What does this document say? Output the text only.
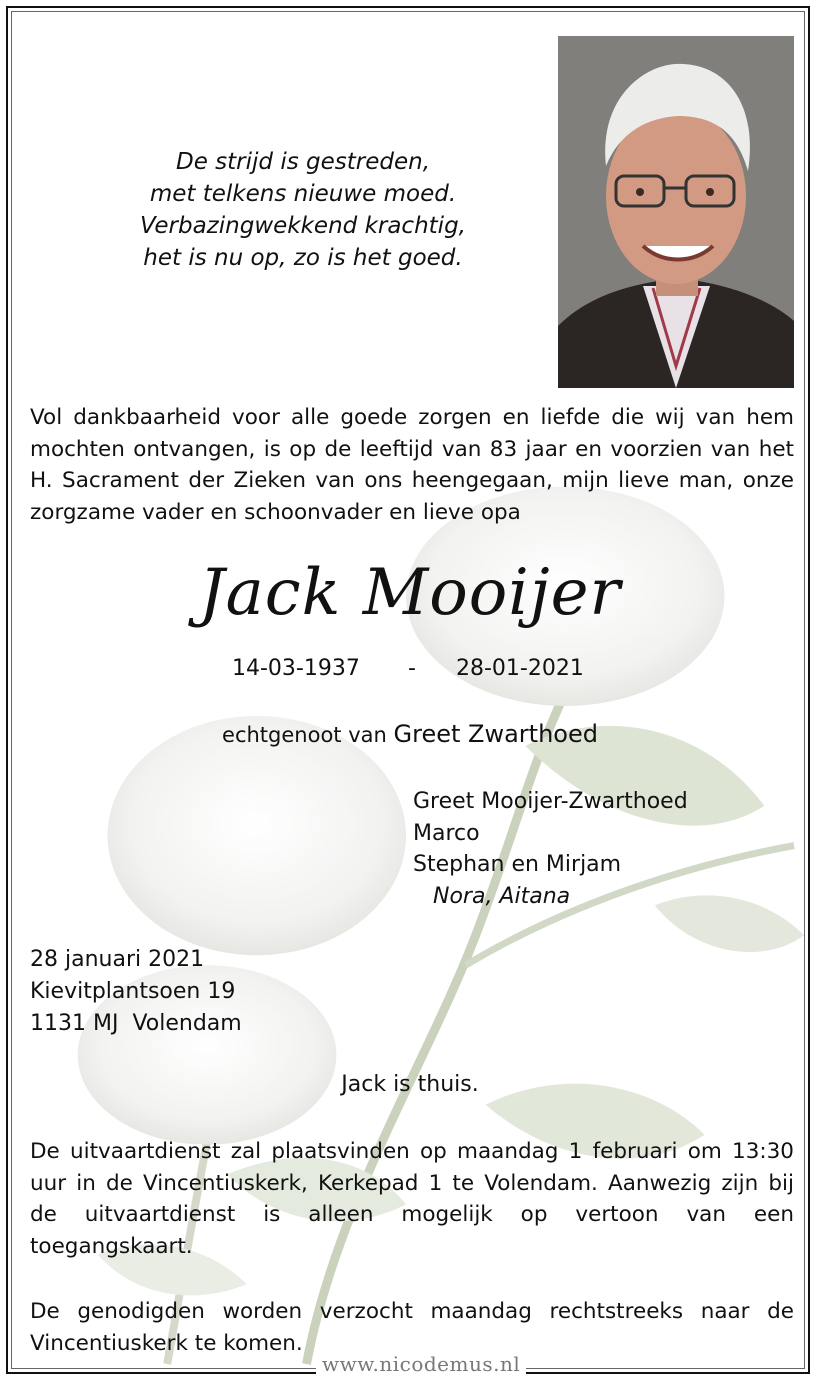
De strijd is gestreden,
met telkens nieuwe moed.
Verbazingwekkend krachtig,
het is nu op, zo is het goed.
Vol dankbaarheid voor alle goede zorgen en liefde die wij van hem mochten ontvangen, is op de leeftijd van 83 jaar en voorzien van het H. Sacrament der Zieken van ons heengegaan, mijn lieve man, onze zorgzame vader en schoonvader en lieve opa
Jack Mooijer
14-03-1937 - 28-01-2021
echtgenoot van Greet Zwarthoed
Greet Mooijer-Zwarthoed
Marco
Stephan en Mirjam
Nora, Aitana
28 januari 2021
Kievitplantsoen 19
1131 MJ  Volendam
Jack is thuis.
De uitvaartdienst zal plaatsvinden op maandag 1 februari om 13:30 uur in de Vincentiuskerk, Kerkepad 1 te Volendam. Aanwezig zijn bij de uitvaartdienst is alleen mogelijk op vertoon van een toegangskaart.
De genodigden worden verzocht maandag rechtstreeks naar de Vincentiuskerk te komen.
www.nicodemus.nl
